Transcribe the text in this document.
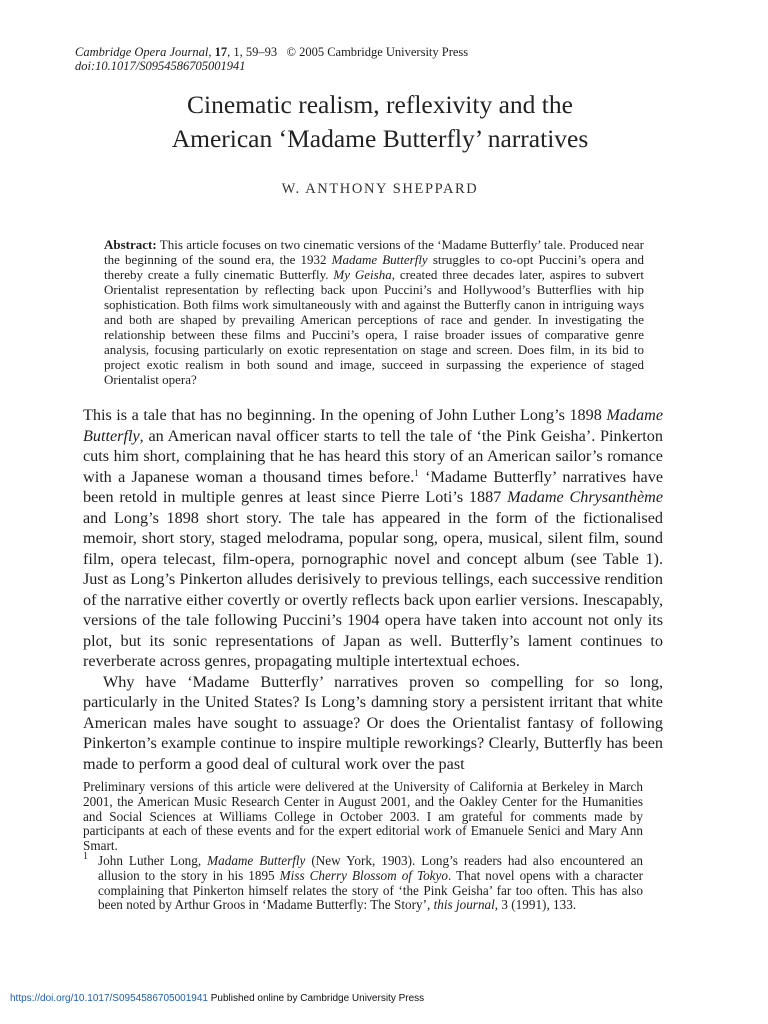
Cambridge Opera Journal, 17, 1, 59–93 © 2005 Cambridge University Press
doi:10.1017/S0954586705001941
Cinematic realism, reflexivity and the
American ‘Madame Butterfly’ narratives
W. ANTHONY SHEPPARD
Abstract: This article focuses on two cinematic versions of the ‘Madame Butterfly’ tale. Produced near the beginning of the sound era, the 1932 Madame Butterfly struggles to co-opt Puccini’s opera and thereby create a fully cinematic Butterfly. My Geisha, created three decades later, aspires to subvert Orientalist representation by reflecting back upon Puccini’s and Hollywood’s Butterflies with hip sophistication. Both films work simultaneously with and against the Butterfly canon in intriguing ways and both are shaped by prevailing American perceptions of race and gender. In investigating the relationship between these films and Puccini’s opera, I raise broader issues of comparative genre analysis, focusing particularly on exotic representation on stage and screen. Does film, in its bid to project exotic realism in both sound and image, succeed in surpassing the experience of staged Orientalist opera?

This is a tale that has no beginning. In the opening of John Luther Long’s 1898 Madame Butterfly, an American naval officer starts to tell the tale of ‘the Pink Geisha’. Pinkerton cuts him short, complaining that he has heard this story of an American sailor’s romance with a Japanese woman a thousand times before.$^1$ ‘Madame Butterfly’ narratives have been retold in multiple genres at least since Pierre Loti’s 1887 Madame Chrysanthème and Long’s 1898 short story. The tale has appeared in the form of the fictionalised memoir, short story, staged melodrama, popular song, opera, musical, silent film, sound film, opera telecast, film-opera, pornographic novel and concept album (see Table 1). Just as Long’s Pinkerton alludes derisively to previous tellings, each successive rendition of the narrative either covertly or overtly reflects back upon earlier versions. Inescapably, versions of the tale following Puccini’s 1904 opera have taken into account not only its plot, but its sonic representations of Japan as well. Butterfly’s lament continues to reverberate across genres, propagating multiple intertextual echoes.

Why have ‘Madame Butterfly’ narratives proven so compelling for so long, particularly in the United States? Is Long’s damning story a persistent irritant that white American males have sought to assuage? Or does the Orientalist fantasy of following Pinkerton’s example continue to inspire multiple reworkings? Clearly, Butterfly has been made to perform a good deal of cultural work over the past

Preliminary versions of this article were delivered at the University of California at Berkeley in March 2001, the American Music Research Center in August 2001, and the Oakley Center for the Humanities and Social Sciences at Williams College in October 2003. I am grateful for comments made by participants at each of these events and for the expert editorial work of Emanuele Senici and Mary Ann Smart.

1 John Luther Long, Madame Butterfly (New York, 1903). Long’s readers had also encountered an allusion to the story in his 1895 Miss Cherry Blossom of Tokyo. That novel opens with a character complaining that Pinkerton himself relates the story of ‘the Pink Geisha’ far too often. This has also been noted by Arthur Groos in ‘Madame Butterfly: The Story’, this journal, 3 (1991), 133.

https://doi.org/10.1017/S0954586705001941 Published online by Cambridge University Press
